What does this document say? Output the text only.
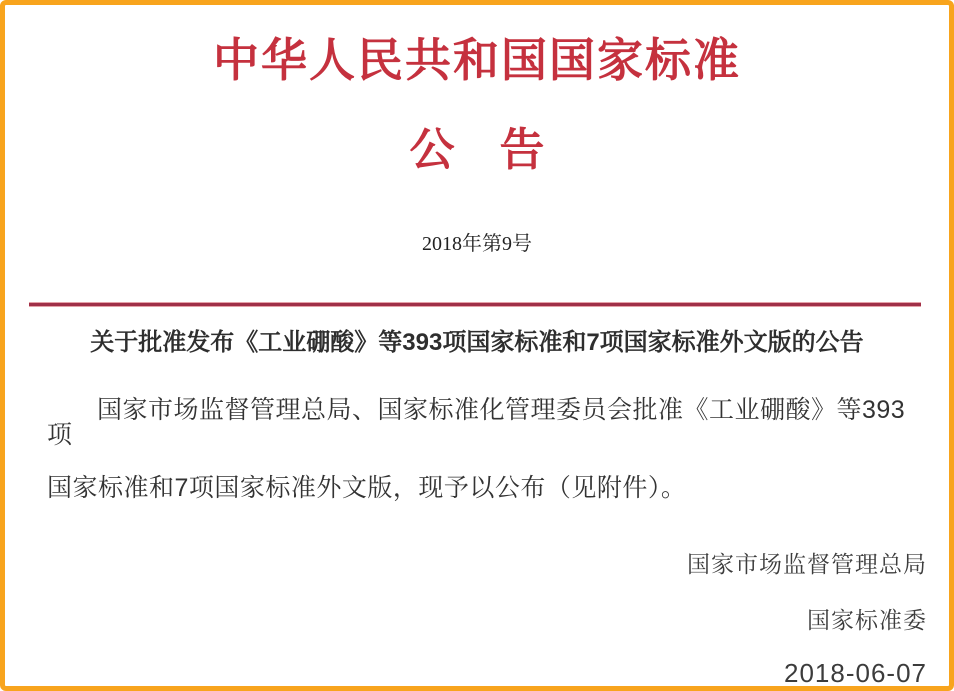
中华人民共和国国家标准
公　告
2018年第9号
关于批准发布《工业硼酸》等393项国家标准和7项国家标准外文版的公告
国家市场监督管理总局、国家标准化管理委员会批准《工业硼酸》等393项
国家标准和7项国家标准外文版，现予以公布（见附件）。
国家市场监督管理总局
国家标准委
2018-06-07
